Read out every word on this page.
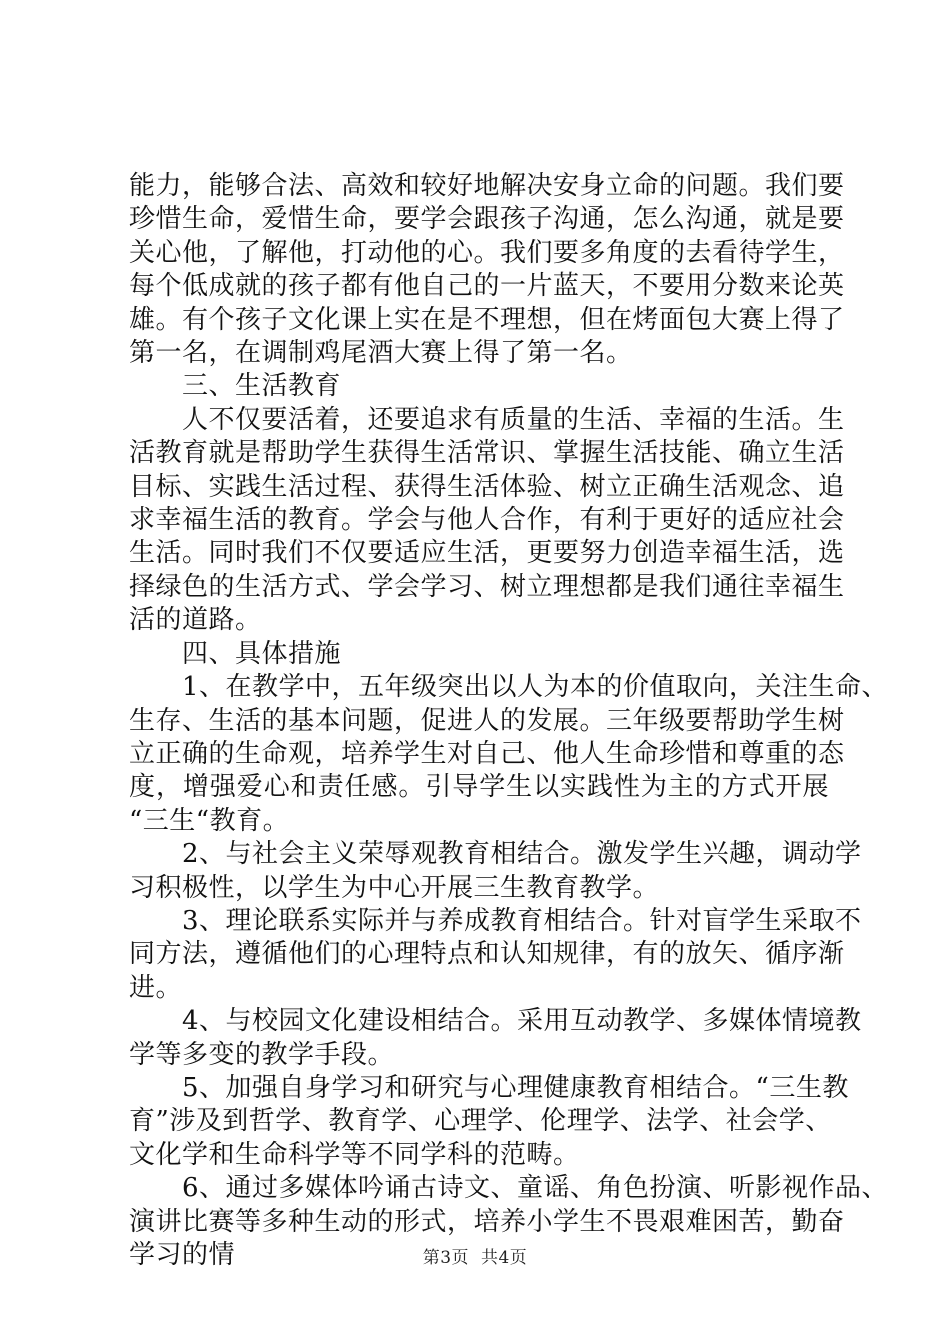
能力，能够合法、高效和较好地解决安身立命的问题。我们要
珍惜生命，爱惜生命，要学会跟孩子沟通，怎么沟通，就是要
关心他，了解他，打动他的心。我们要多角度的去看待学生，
每个低成就的孩子都有他自己的一片蓝天，不要用分数来论英
雄。有个孩子文化课上实在是不理想，但在烤面包大赛上得了
第一名，在调制鸡尾酒大赛上得了第一名。
三、生活教育
人不仅要活着，还要追求有质量的生活、幸福的生活。生
活教育就是帮助学生获得生活常识、掌握生活技能、确立生活
目标、实践生活过程、获得生活体验、树立正确生活观念、追
求幸福生活的教育。学会与他人合作，有利于更好的适应社会
生活。同时我们不仅要适应生活，更要努力创造幸福生活，选
择绿色的生活方式、学会学习、树立理想都是我们通往幸福生
活的道路。
四、具体措施
1、在教学中，五年级突出以人为本的价值取向，关注生命、
生存、生活的基本问题，促进人的发展。三年级要帮助学生树
立正确的生命观，培养学生对自己、他人生命珍惜和尊重的态
度，增强爱心和责任感。引导学生以实践性为主的方式开展
“三生“教育。
2、与社会主义荣辱观教育相结合。激发学生兴趣，调动学
习积极性，以学生为中心开展三生教育教学。
3、理论联系实际并与养成教育相结合。针对盲学生采取不
同方法，遵循他们的心理特点和认知规律，有的放矢、循序渐
进。
4、与校园文化建设相结合。采用互动教学、多媒体情境教
学等多变的教学手段。
5、加强自身学习和研究与心理健康教育相结合。“三生教
育”涉及到哲学、教育学、心理学、伦理学、法学、社会学、
文化学和生命科学等不同学科的范畴。
6、通过多媒体吟诵古诗文、童谣、角色扮演、听影视作品、
演讲比赛等多种生动的形式，培养小学生不畏艰难困苦，勤奋
学习的情	第3页 共4页
